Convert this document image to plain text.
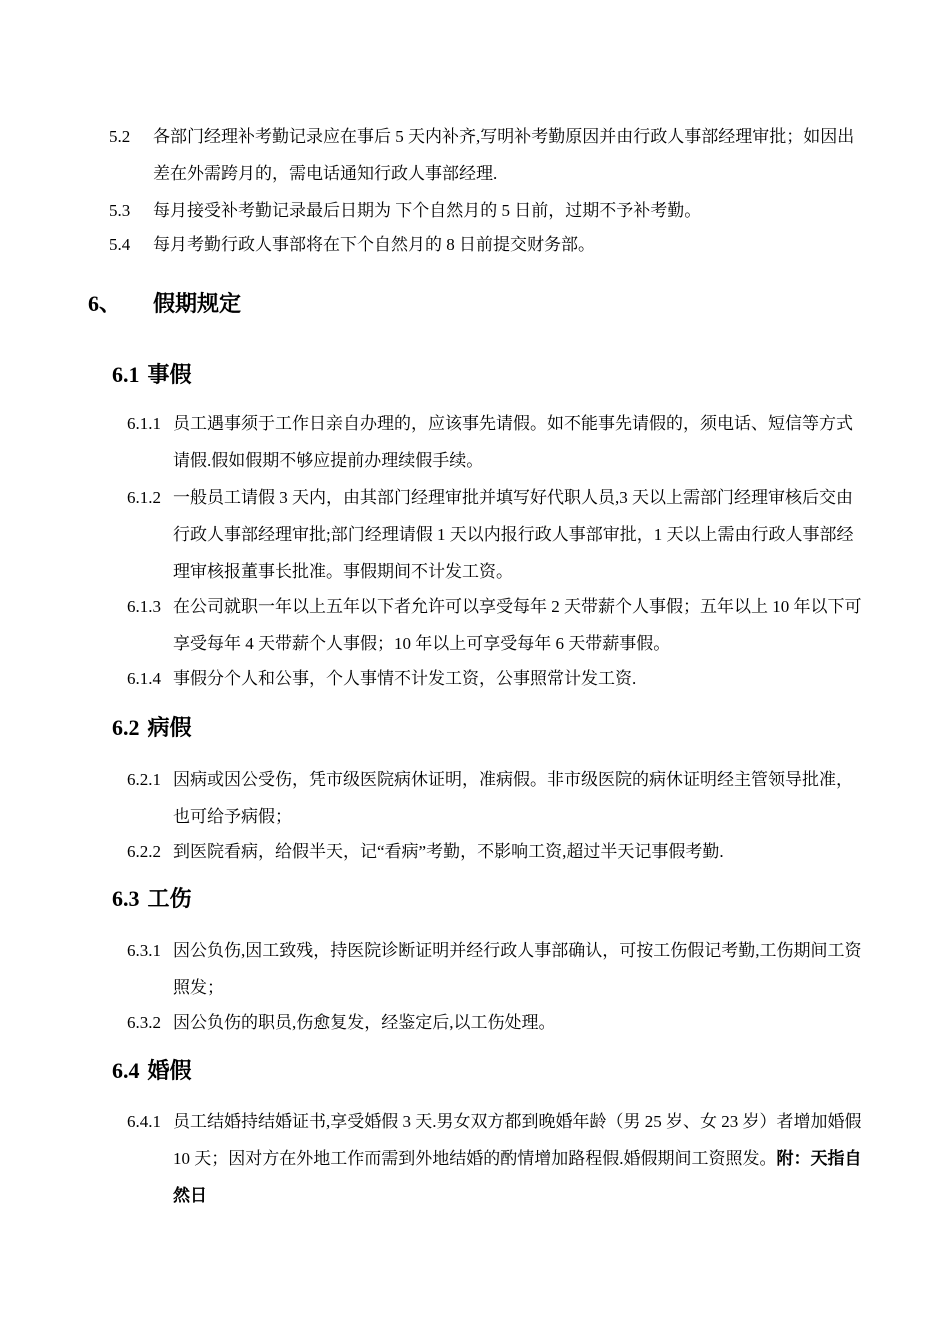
5.2	各部门经理补考勤记录应在事后 5 天内补齐,写明补考勤原因并由行政人事部经理审批；如因出差在外需跨月的，需电话通知行政人事部经理.
5.3	每月接受补考勤记录最后日期为 下个自然月的 5 日前，过期不予补考勤。
5.4	每月考勤行政人事部将在下个自然月的 8 日前提交财务部。
6、 假期规定
6.1 事假
6.1.1 员工遇事须于工作日亲自办理的，应该事先请假。如不能事先请假的，须电话、短信等方式请假.假如假期不够应提前办理续假手续。
6.1.2 一般员工请假 3 天内，由其部门经理审批并填写好代职人员,3 天以上需部门经理审核后交由行政人事部经理审批;部门经理请假 1 天以内报行政人事部审批，1 天以上需由行政人事部经理审核报董事长批准。事假期间不计发工资。
6.1.3 在公司就职一年以上五年以下者允许可以享受每年 2 天带薪个人事假；五年以上 10 年以下可享受每年 4 天带薪个人事假；10 年以上可享受每年 6 天带薪事假。
6.1.4 事假分个人和公事，个人事情不计发工资，公事照常计发工资.
6.2 病假
6.2.1 因病或因公受伤，凭市级医院病休证明，准病假。非市级医院的病休证明经主管领导批准，也可给予病假；
6.2.2 到医院看病，给假半天，记“看病”考勤，不影响工资,超过半天记事假考勤.
6.3 工伤
6.3.1 因公负伤,因工致残，持医院诊断证明并经行政人事部确认，可按工伤假记考勤,工伤期间工资照发；
6.3.2 因公负伤的职员,伤愈复发，经鉴定后,以工伤处理。
6.4 婚假
6.4.1 员工结婚持结婚证书,享受婚假 3 天.男女双方都到晚婚年龄（男 25 岁、女 23 岁）者增加婚假 10 天；因对方在外地工作而需到外地结婚的酌情增加路程假.婚假期间工资照发。附：天指自然日
